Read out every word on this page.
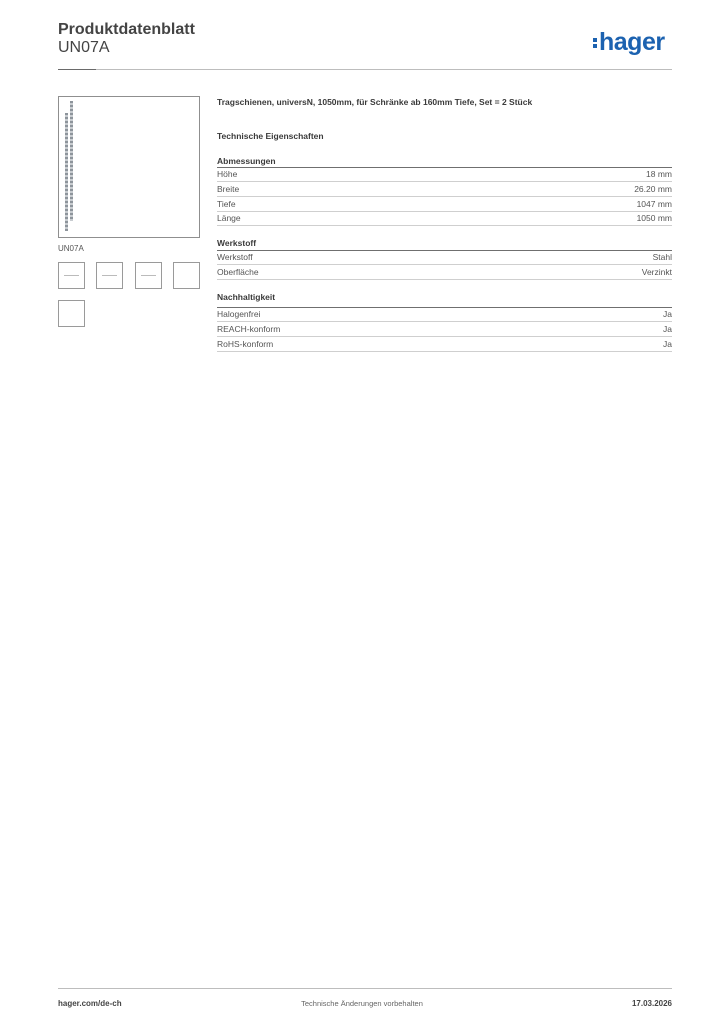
Produktdatenblatt
UN07A	hager
UN07A
Tragschienen, universN, 1050mm, für Schränke ab 160mm Tiefe, Set = 2 Stück
Technische Eigenschaften
Abmessungen
Höhe	18 mm
Breite	26.20 mm
Tiefe	1047 mm
Länge	1050 mm
Werkstoff
Werkstoff	Stahl
Oberfläche	Verzinkt
Nachhaltigkeit
Halogenfrei	Ja
REACH-konform	Ja
RoHS-konform	Ja
hager.com/de-ch	Technische Änderungen vorbehalten	17.03.2026
